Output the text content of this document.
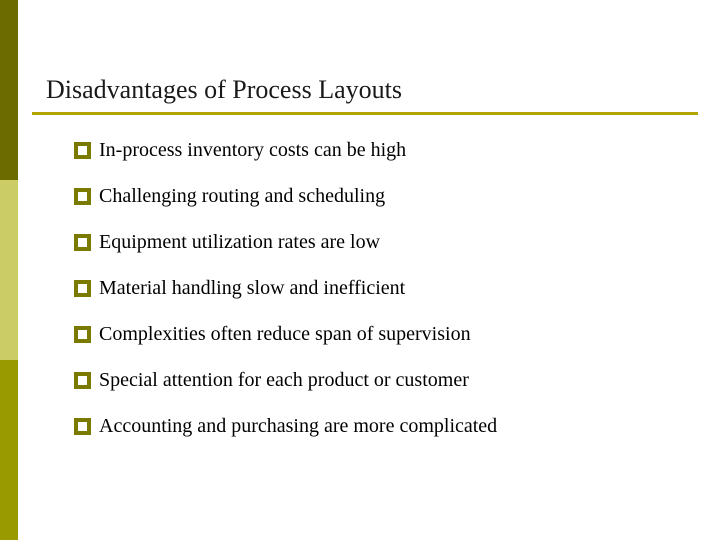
Disadvantages of Process Layouts
In-process inventory costs can be high
Challenging routing and scheduling
Equipment utilization rates are low
Material handling slow and inefficient
Complexities often reduce span of supervision
Special attention for each product or customer
Accounting and purchasing are more complicated
